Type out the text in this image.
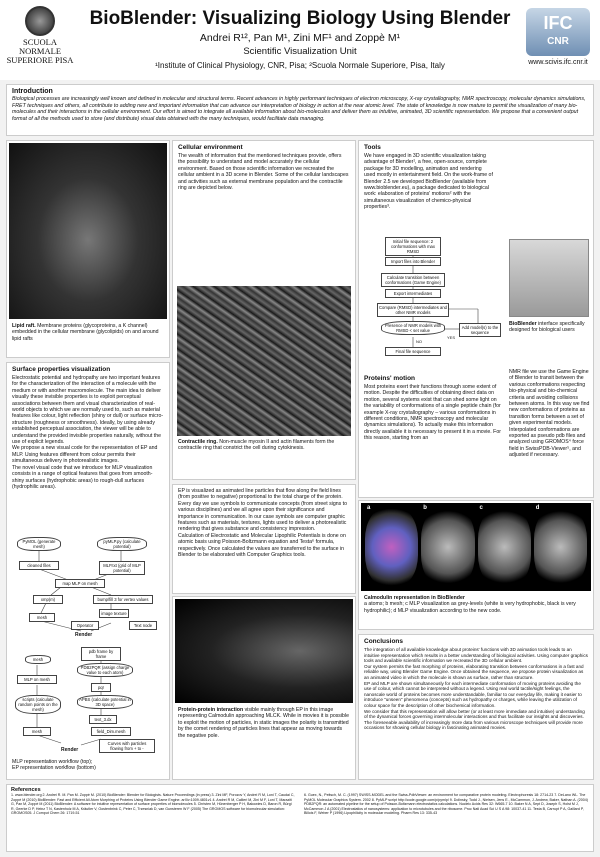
SCUOLA NORMALE SUPERIORE PISA
BioBlender: Visualizing Biology Using Blender
Andrei R¹², Pan M¹, Zini MF¹ and Zoppè M¹
Scientific Visualization Unit
¹Institute of Clinical Physiology, CNR, Pisa; ²Scuola Normale Superiore, Pisa, Italy
IFC
CNR
www.scivis.ifc.cnr.it
Introduction

Biological processes are increasingly well known and defined in molecular and structural terms. Recent advances in highly performant techniques of electron microscopy, X-ray crystallography, NMR spectroscopy, molecular dynamics simulations, FRET techniques and others, all contribute to adding new and important information that can advance our interpretation of biology in action at the near atomic level. The state of knowledge is now mature to permit the visualization of many bio-molecules and their interactions in the cellular environment. Our effort is aimed to integrate all available information about bio-molecules and deliver them as intuitive, animated, 3D scientific representation. We propose that a convenient output format of all the methods used to store (and distribute) visual data obtained with the many techniques, would facilitate data managing.

Lipid raft. Membrane proteins (glycoproteins, a K channel) embedded in the cellular membrane (glycolipids) on and around lipid rafts
Cellular environment

The wealth of information that the mentioned techniques provide, offers the possibility to understand and model accurately the cellular environment. Based on those scientific information we recreated the cellular ambient in a 3D scene in Blender. Some of the cellular landscapes and activities such as external membrane population and the contractile ring are depicted below.

Contractile ring. Non-muscle myosin II and actin filaments form the contractile ring that constrict the cell during cytokinesis.
Tools

We have engaged in 3D scientific visualization taking advantage of Blender¹, a free, open-source, complete package for 3D modelling, animation and rendering used mostly in entertainment field. On the work-frame of Blender 2.5 we developed BioBlender (available from www.bioblender.eu), a package dedicated to biological work: elaboration of proteins' motions² with the simultaneous visualization of chemico-physical properties³.

Initial file sequence: 2 conformations with max RMSD
Import files into Blender
Calculate transition between conformations (Game Engine)
Export intermediates
Compare (RMSD) intermediates and other NMR models
Presence of NMR models with RMSD < set value
Add model(s) to the sequence
YES
NO
Final file sequence
BioBlender interface specifically designed for biological users
Proteins' motion

Most proteins exert their functions through some extent of motion. Despite the difficulties of obtaining direct data on motion, several systems exist that can shed some light on the variability of conformations of a single peptide chain (for example X-ray crystallography – various conformations in different conditions, NMR spectroscopy and molecular dynamics simulations). To actually make this information directly available it is necessary to present it in a movie. For this reason, starting from an

NMR file we use the Game Engine of Blender to transit between the various conformations respecting bio-physical and bio-chemical criteria and avoiding collisions between atoms. In this way we find new conformations of proteins as transition forms between a set of given experimental models. Interpolated conformations are exported as pseudo pdb files and analyzed using GROMOS⁴ force field in SwissPDB-Viewer⁵, and adjusted if necessary.

Surface properties visualization

Electrostatic potential and hydropathy are two important features for the characterization of the interaction of a molecule with the medium or with another macromolecule. The main idea to deliver visually these invisible properties is to exploit perceptual associations between them and visual characterization of real-world objects to which we are normally used to, such as material features like colour, light reflection (shiny or dull) or surface micro-structure (roughness or smoothness). Ideally, by using already established perceptual association, the viewer will be able to understand the provided invisible properties naturally, without the use of explicit legends.

We propose a new visual code for the representation of EP and MLP. Using features different from colour permits their simultaneous delivery in photorealistic images.

The novel visual code that we introduce for MLP visualization consists in a range of optical features that goes from smooth-shiny surfaces (hydrophobic areas) to rough-dull surfaces (hydrophilic areas).

PyMOL (generate mesh)
pyMLP.py (calculate potential)
cleaned files	MLP.txt (grid of MLP potential)
map MLP on mesh
xmp(m)	bump/fill 3 for vertex values
mesh
image texture
Operator	Text node
Render
pdb frame by frame
PDB2PQR (assign charge value to each atom)
pqr
APBS (calculate potential in 3D space)
scripts (calculate random points on the mesh)
text_3.dx
MLP on mesh
field_Dim.mesh
mesh
Curves with particles flowing from + to -
mesh
Render
MLP representation workflow (top);
EP representation workflow (bottom)

EP is visualized as animated line particles that flow along the field lines (from positive to negative) proportional to the total charge of the protein.

Every day we use symbols to communicate concepts (from street signs to various disciplines) and we all agree upon their significance and importance in communication. In our case symbols are computer graphic features such as materials, textures, lights used to deliver a photorealistic rendering that gives substance and consistency impression.

Calculation of Electrostatic and Molecular Lipophilic Potentials is done on atomic basis using Poisson-Boltzmann equation and Testa⁶ formula, respectively. Once calculated the values are transferred to the surface in Blender to be elaborated with Computer Graphics tools.

Protein-protein interaction visible mainly through EP in this image representing Calmodulin approaching MLCK. While in movies it is possible to exploit the motion of particles, in static images the polarity is transmitted by the comet rendering of particles lines that appear as moving towards the negative pole.
a	b	c	d
Calmodulin representation in BioBlender
a atoms; b mesh; c MLP visualization as grey-levels (white is very hydrophobic, black is very hydrophilic); d MLP visualization according to the new code.
Conclusions

The integration of all available knowledge about proteins' functions with 3D animation tools leads to an intuitive representation which results in a better understanding of biological activities. Using computer graphics tools and available scientific information we recreated the 3D cellular ambient.

Our system permits the fast morphing of proteins, elaborating transition between conformations in a fast and reliable way, using Blender Game Engine. Once obtained the sequence, we propose protein visualization as an animated video in which the molecule is shown as surface, rather than structure.

EP and MLP are shown simultaneously for each intermediate conformation of moving proteins avoiding the use of colour, which cannot be interpreted without a legend. Using real world tactile/sight feelings, the nanoscale world of proteins becomes more understandable, familiar to our everyday life, making it easier to introduce "unseen" phenomena (concepts) such as hydropathy or charges, while leaving the utilization of colour space for the description of other biochemical information.

We consider that this representation will allow better (or at least more immediate and intuitive) understanding of the dynamical forces governing intermolecular interactions and thus facilitate our insights and discoveries.

The foreseeable availability of increasingly more data from various microscope techniques will provide more occasions for showing cellular biology in fascinating animated movies.

References
1. www.blender.org 2. Andrei R. M. Pan M. Zoppè M. (2010) BioBlender: Blender for Biologists. Nature Proceedings (in press) 3. Zini MF, Porozov Y, Andrei R M, Loni T, Caudai C, Zoppè M (2010) BioBlender: Fast and Efficient All Atom Morphing of Proteins Using Blender Game Engine. arXiv:1009.4801v1 4. Andrei R M, Callieri M, Zini M F, Loni T, Maraziti G, Pan M, Zoppè M (2011) BioBlender: A software for intuitive representation of surface properties of biomolecules 5. Christen M, Hünenberger P H, Bakowies D, Baron R, Bürgi R, Geerke D P, Heinz T N, Kastenholz M A, Kräutler V, Oostenbrink C, Peter C, Trzesniak D, van Gunsteren W F (2005) The GROMOS software for biomolecular simulation: GROMOS05. J Comput Chem 26: 1719-51
6. Guex, N., Peitsch, M. C. (1997) SWISS-MODEL and the Swiss-PdbViewer: an environment for comparative protein modeling. Electrophoresis 18: 2714-23 7. DeLano WL. The PyMOL Molecular Graphics System. 2002 8. PyMLP script http://code.google.com/p/pymlp/ 9. Dolinsky, Todd J., Nielsen, Jens E., McCammon, J. Andrew, Baker, Nathan A. (2004) PDB2PQR: an automated pipeline for the setup of Poisson-Boltzmann electrostatics calculations. Nucleic Acids Res 32: W665-7 10. Baker N A, Sept D, Joseph S, Holst M J, McCammon J A (2001) Electrostatics of nanosystems: application to microtubules and the ribosome. Proc Natl Acad Sci U S A 98: 10037-41 11. Testa B, Carrupt P A, Gaillard P, Billois F, Weber P (1996) Lipophilicity in molecular modeling. Pharm Res 13: 335-43
